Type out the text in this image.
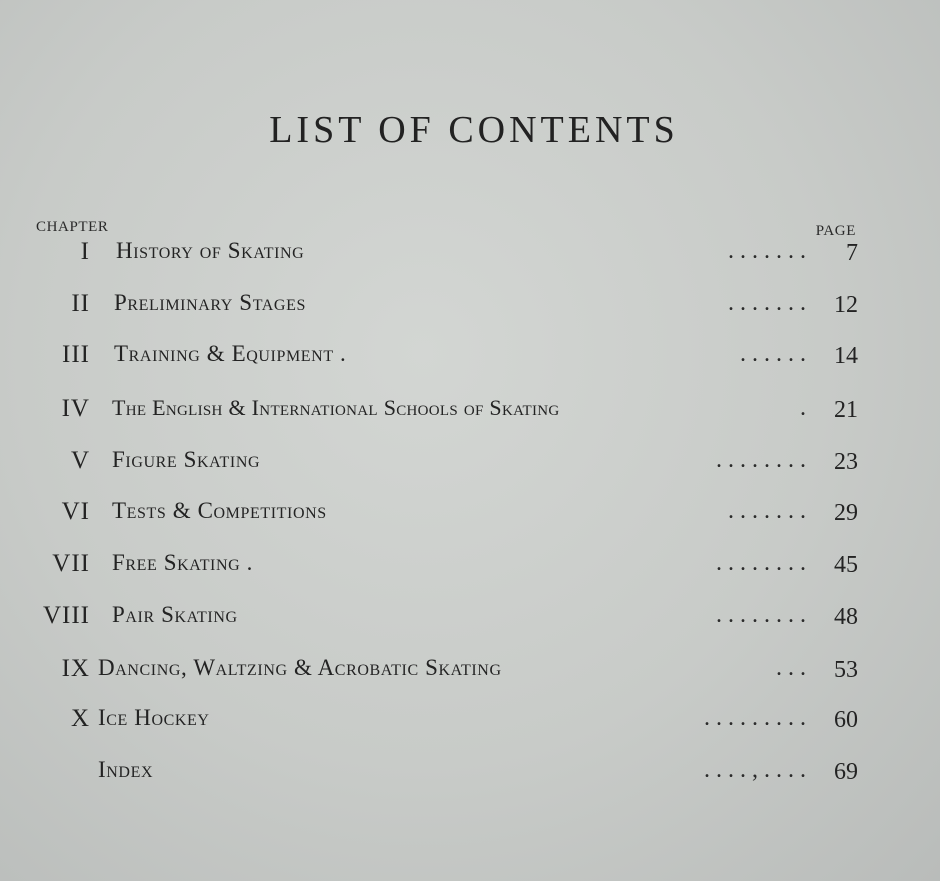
LIST OF CONTENTS
CHAPTER	PAGE
I History of Skating	. . . . . . . 7
II Preliminary Stages	. . . . . . . 12
III Training & Equipment .	. . . . . . 14
IV The English & International Schools of Skating	. 21
V Figure Skating	. . . . . . . . 23
VI Tests & Competitions	. . . . . . . 29
VII Free Skating .	. . . . . . . . 45
VIII Pair Skating	. . . . . . . . 48
IX Dancing, Waltzing & Acrobatic Skating	. . . 53
X Ice Hockey	. . . . . . . . . 60
Index	. . . . , . . . . 69
